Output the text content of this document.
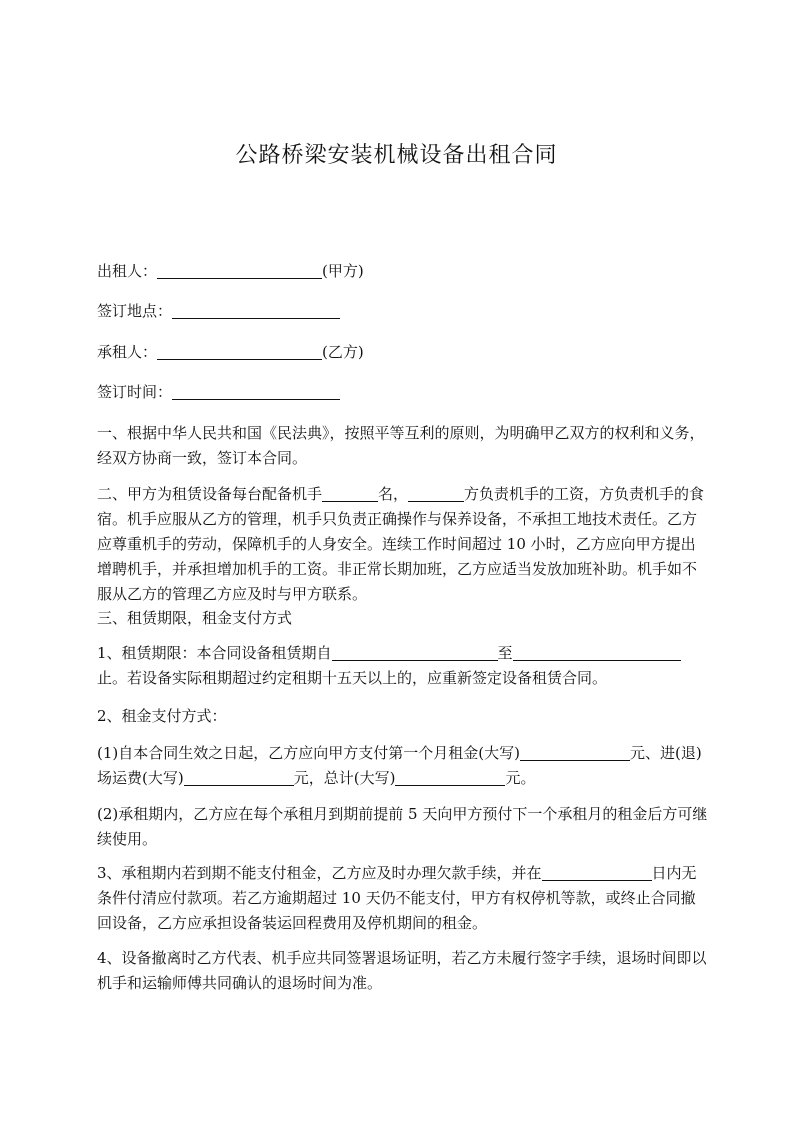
公路桥梁安装机械设备出租合同

出租人：	(甲方)

签订地点：

承租人：	(乙方)

签订时间：

一、根据中华人民共和国《民法典》，按照平等互利的原则，为明确甲乙双方的权利和义务，经双方协商一致，签订本合同。

二、甲方为租赁设备每台配备机手	名，	方负责机手的工资，方负责机手的食宿。机手应服从乙方的管理，机手只负责正确操作与保养设备，不承担工地技术责任。乙方应尊重机手的劳动，保障机手的人身安全。连续工作时间超过 10 小时，乙方应向甲方提出增聘机手，并承担增加机手的工资。非正常长期加班，乙方应适当发放加班补助。机手如不服从乙方的管理乙方应及时与甲方联系。

三、租赁期限，租金支付方式

1、租赁期限：本合同设备租赁期自	至止。若设备实际租期超过约定租期十五天以上的，应重新签定设备租赁合同。

2、租金支付方式：

(1)自本合同生效之日起，乙方应向甲方支付第一个月租金(大写)	元、进(退)场运费(大写)	元，总计(大写)	元。

(2)承租期内，乙方应在每个承租月到期前提前 5 天向甲方预付下一个承租月的租金后方可继续使用。

3、承租期内若到期不能支付租金，乙方应及时办理欠款手续，并在	日内无条件付清应付款项。若乙方逾期超过 10 天仍不能支付，甲方有权停机等款，或终止合同撤回设备，乙方应承担设备装运回程费用及停机期间的租金。

4、设备撤离时乙方代表、机手应共同签署退场证明，若乙方未履行签字手续，退场时间即以机手和运输师傅共同确认的退场时间为准。
